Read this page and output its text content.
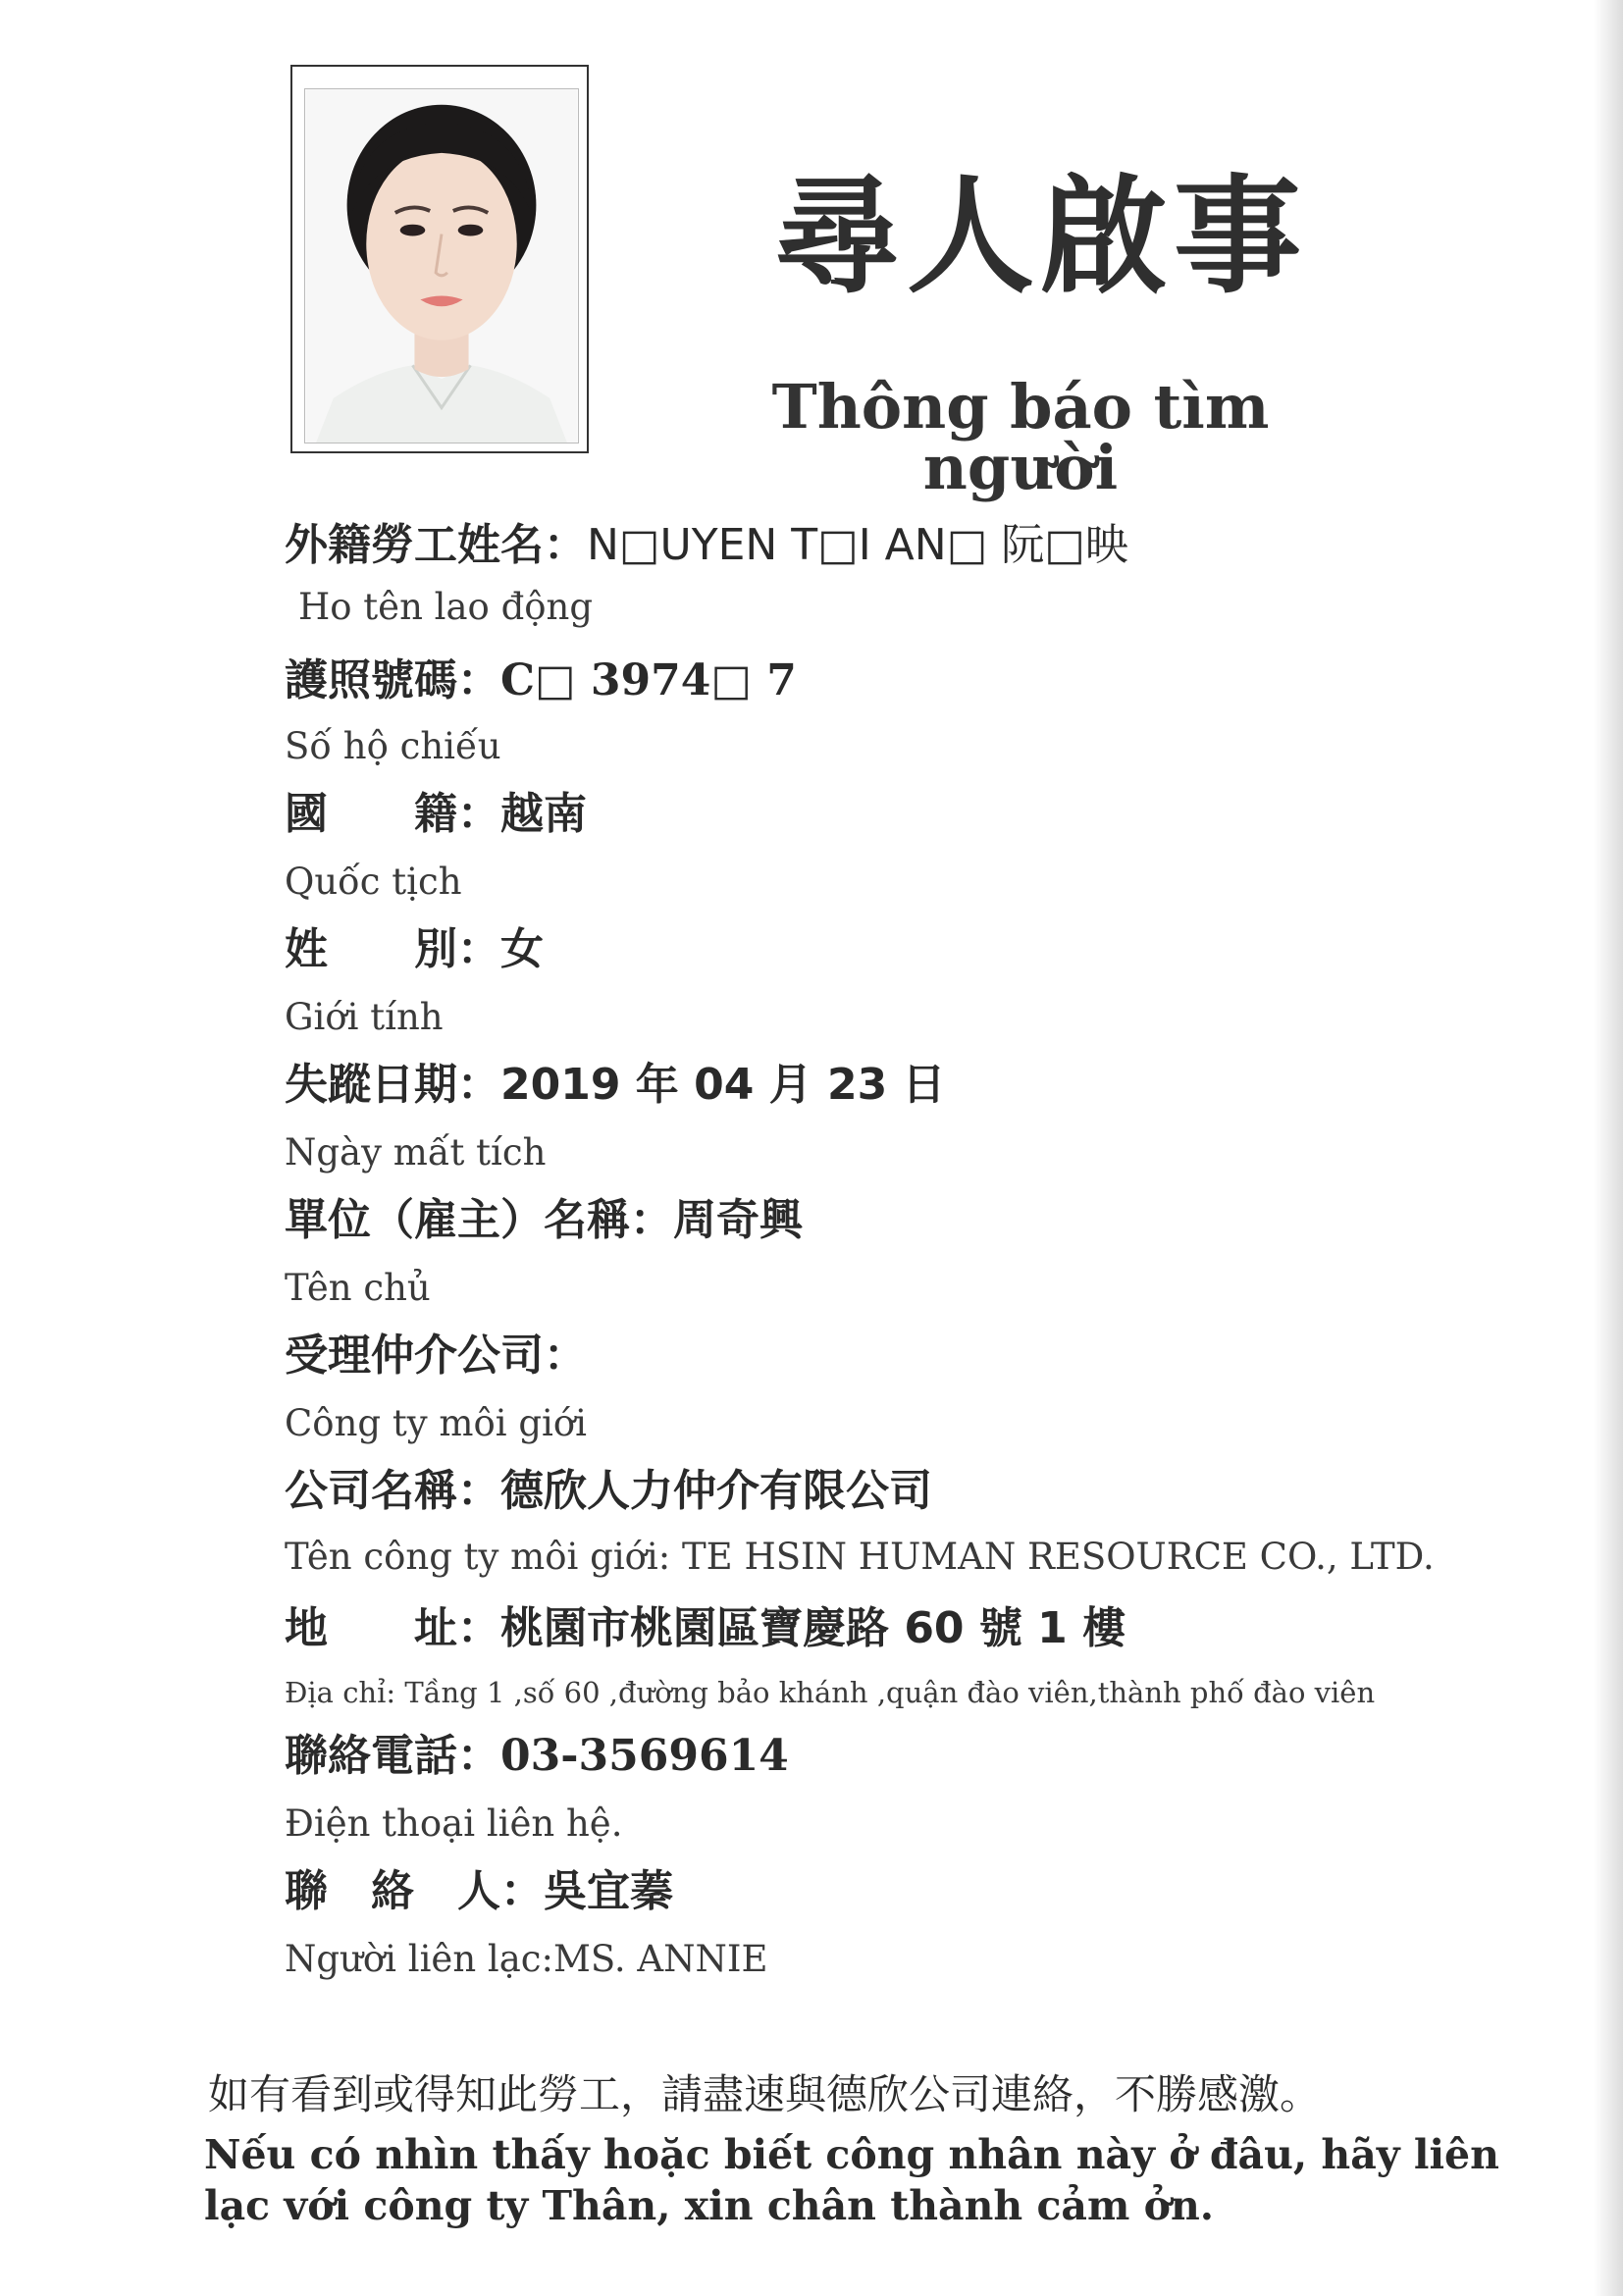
尋人啟事
Thông báo tìm người
外籍勞工姓名：N□UYEN T□I AN□ 阮□映
Ho tên lao động
護照號碼：C□ 3974□ 7
Số hộ chiếu
國　　籍：越南
Quốc tịch
姓　　別：女
Giới tính
失蹤日期：2019 年 04 月 23 日
Ngày mất tích
單位（雇主）名稱：周奇興
Tên chủ
受理仲介公司：
Công ty môi giới
公司名稱：德欣人力仲介有限公司
Tên công ty môi giới: TE HSIN HUMAN RESOURCE CO., LTD.
地　　址：桃園市桃園區寶慶路 60 號 1 樓
Địa chỉ: Tầng 1 ,số 60 ,đường bảo khánh ,quận đào viên,thành phố đào viên
聯絡電話：03-3569614
Điện thoại liên hệ.
聯　絡　人：吳宜蓁
Người liên lạc:MS. ANNIE
如有看到或得知此勞工，請盡速與德欣公司連絡，不勝感激。
Nếu có nhìn thấy hoặc biết công nhân này ở đâu, hãy liên lạc với công ty Thân, xin chân thành cảm ởn.
